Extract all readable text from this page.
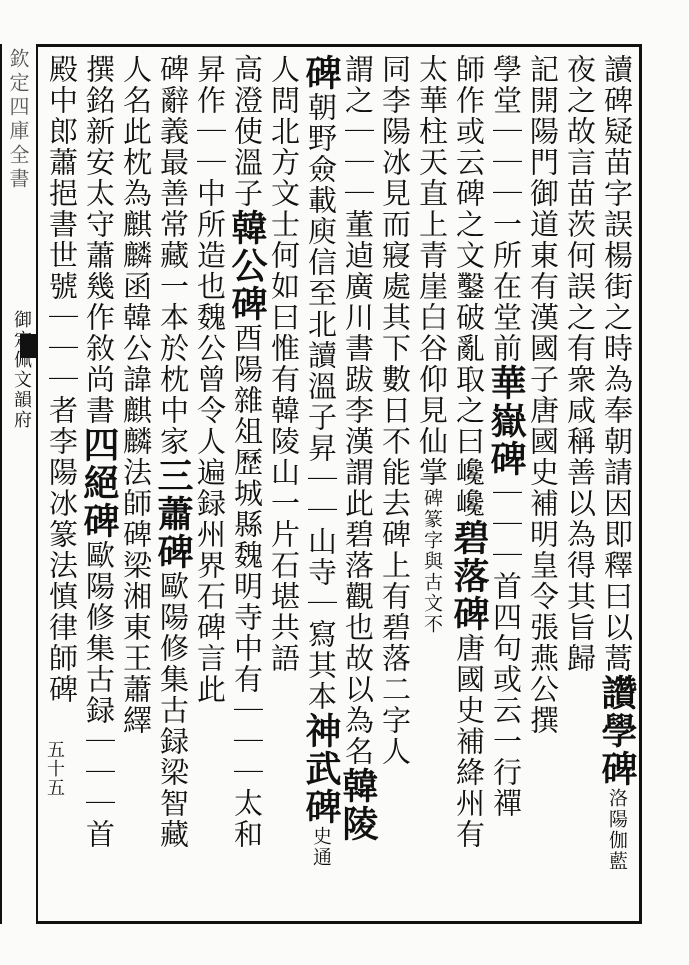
欽定四庫全書
御定佩文韻府	讀碑疑苗字誤楊街之時為奉朝請因即釋曰以蒿讚學碑洛陽伽藍
夜之故言苗茨何誤之有衆咸稱善以為得其旨歸
記開陽門御道東有漢國子唐國史補明皇令張燕公撰
學堂｜｜｜一所在堂前華嶽碑｜｜｜首四句或云一行禪
師作或云碑之文鑿破亂取之曰巉巉碧落碑唐國史補絳州有
太華柱天直上青崖白谷仰見仙掌碑篆字與古文不
同李陽冰見而寢處其下數日不能去碑上有碧落二字人
謂之｜｜｜董逌廣川書跋李漢謂此碧落觀也故以為名韓陵
碑朝野僉載庾信至北讀溫子昇｜｜山寺｜寫其本神武碑史通
人問北方文士何如曰惟有韓陵山一片石堪共語
高澄使溫子韓公碑酉陽雜俎歷城縣魏明寺中有｜｜｜太和
昇作｜｜中所造也魏公曾令人遍録州界石碑言此
碑辭義最善常藏一本於枕中家三蕭碑歐陽修集古録梁智藏
人名此枕為麒麟函韓公諱麒麟法師碑梁湘東王蕭繹
撰銘新安太守蕭幾作敘尚書四絕碑歐陽修集古録｜｜｜首
殿中郎蕭挹書世號｜｜｜者李陽冰篆法慎律師碑
五十五
